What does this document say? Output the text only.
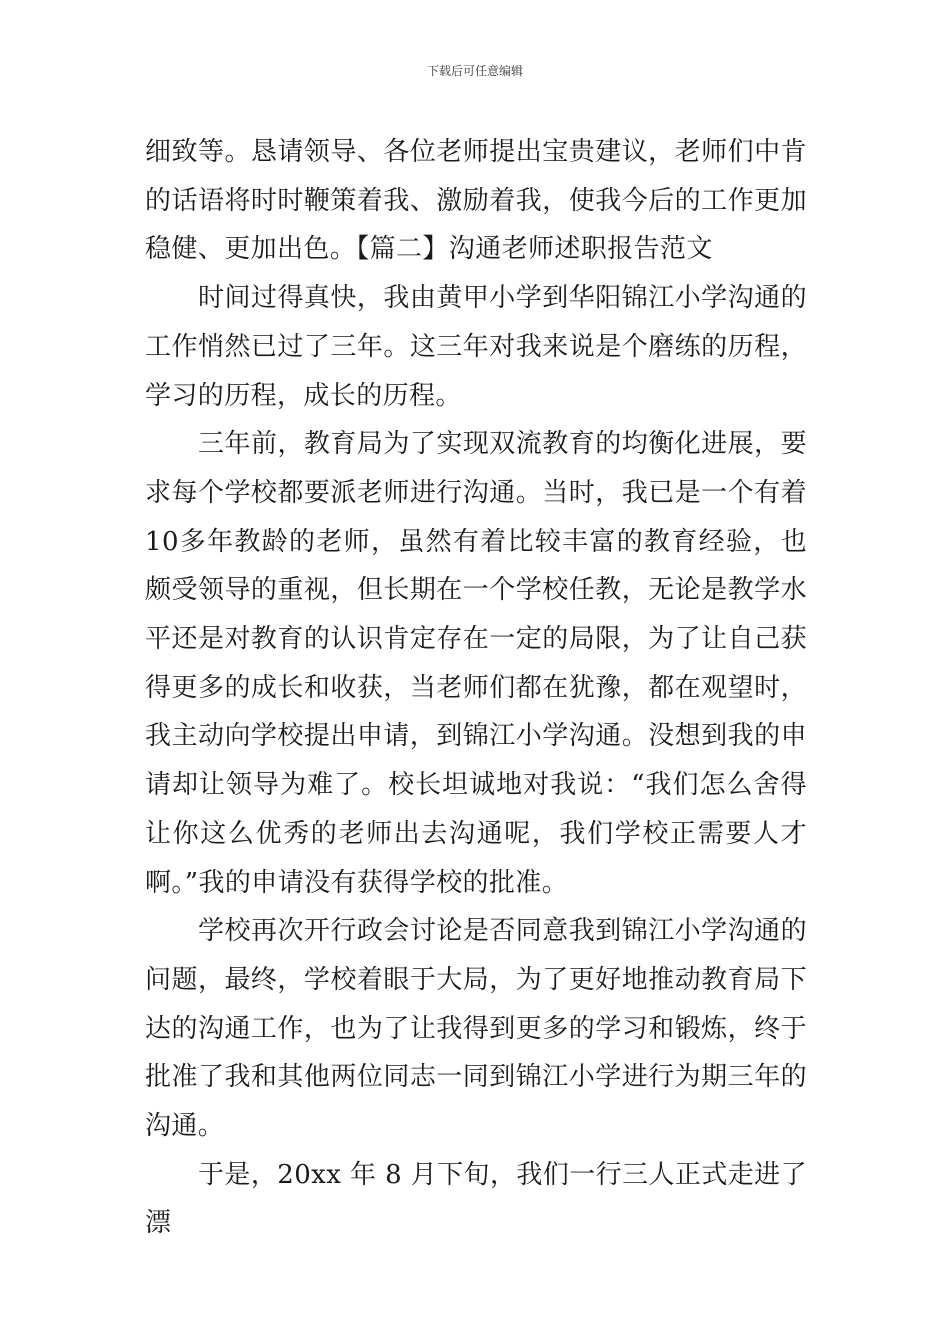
下载后可任意编辑

细致等。恳请领导、各位老师提出宝贵建议，老师们中肯的话语将时时鞭策着我、激励着我，使我今后的工作更加稳健、更加出色。【篇二】沟通老师述职报告范文

时间过得真快，我由黄甲小学到华阳锦江小学沟通的工作悄然已过了三年。这三年对我来说是个磨练的历程，学习的历程，成长的历程。

三年前，教育局为了实现双流教育的均衡化进展，要求每个学校都要派老师进行沟通。当时，我已是一个有着10多年教龄的老师，虽然有着比较丰富的教育经验，也颇受领导的重视，但长期在一个学校任教，无论是教学水平还是对教育的认识肯定存在一定的局限，为了让自己获得更多的成长和收获，当老师们都在犹豫，都在观望时，我主动向学校提出申请，到锦江小学沟通。没想到我的申请却让领导为难了。校长坦诚地对我说：“我们怎么舍得让你这么优秀的老师出去沟通呢，我们学校正需要人才啊。”我的申请没有获得学校的批准。

学校再次开行政会讨论是否同意我到锦江小学沟通的问题，最终，学校着眼于大局，为了更好地推动教育局下达的沟通工作，也为了让我得到更多的学习和锻炼，终于批准了我和其他两位同志一同到锦江小学进行为期三年的沟通。

于是，20xx 年 8 月下旬，我们一行三人正式走进了漂
